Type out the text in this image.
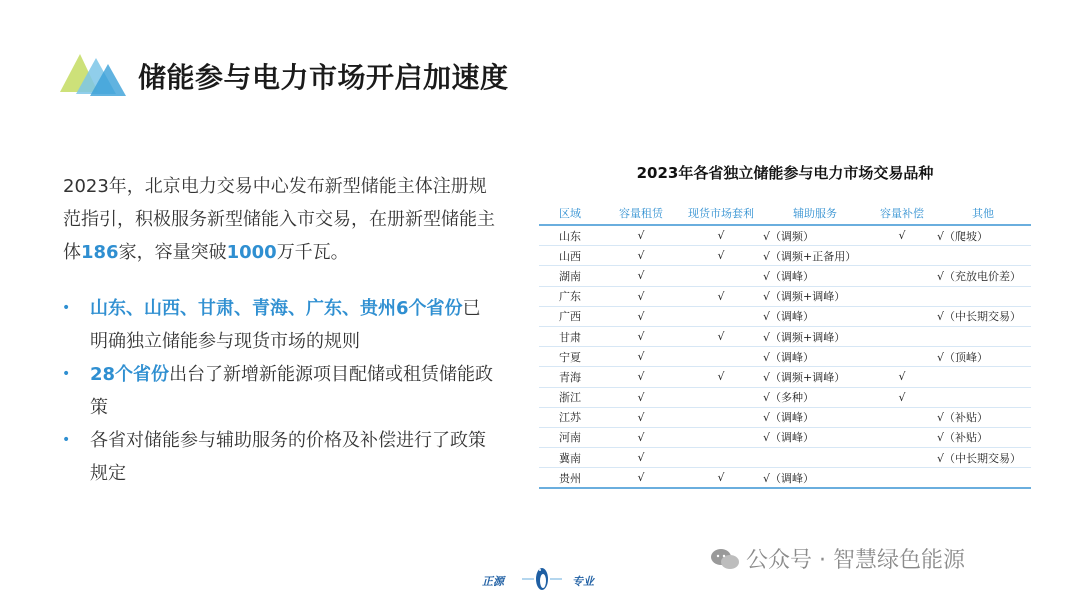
储能参与电力市场开启加速度
2023年，北京电力交易中心发布新型储能主体注册规范指引，积极服务新型储能入市交易，在册新型储能主体186家，容量突破1000万千瓦。
• 山东、山西、甘肃、青海、广东、贵州6个省份已明确独立储能参与现货市场的规则
• 28个省份出台了新增新能源项目配储或租赁储能政策
• 各省对储能参与辅助服务的价格及补偿进行了政策规定
2023年各省独立储能参与电力市场交易品种
区域	容量租赁	现货市场套利	辅助服务	容量补偿	其他
山东	√	√	√（调频）	√	√（爬坡）
山西	√	√	√（调频+正备用）		
湖南	√		√（调峰）		√（充放电价差）
广东	√	√	√（调频+调峰）		
广西	√		√（调峰）		√（中长期交易）
甘肃	√	√	√（调频+调峰）		
宁夏	√		√（调峰）		√（顶峰）
青海	√	√	√（调频+调峰）	√	
浙江	√		√（多种）	√	
江苏	√		√（调峰）		√（补贴）
河南	√		√（调峰）		√（补贴）
冀南	√				√（中长期交易）
贵州	√	√	√（调峰）		
正源	专业
公众号 · 智慧绿色能源
